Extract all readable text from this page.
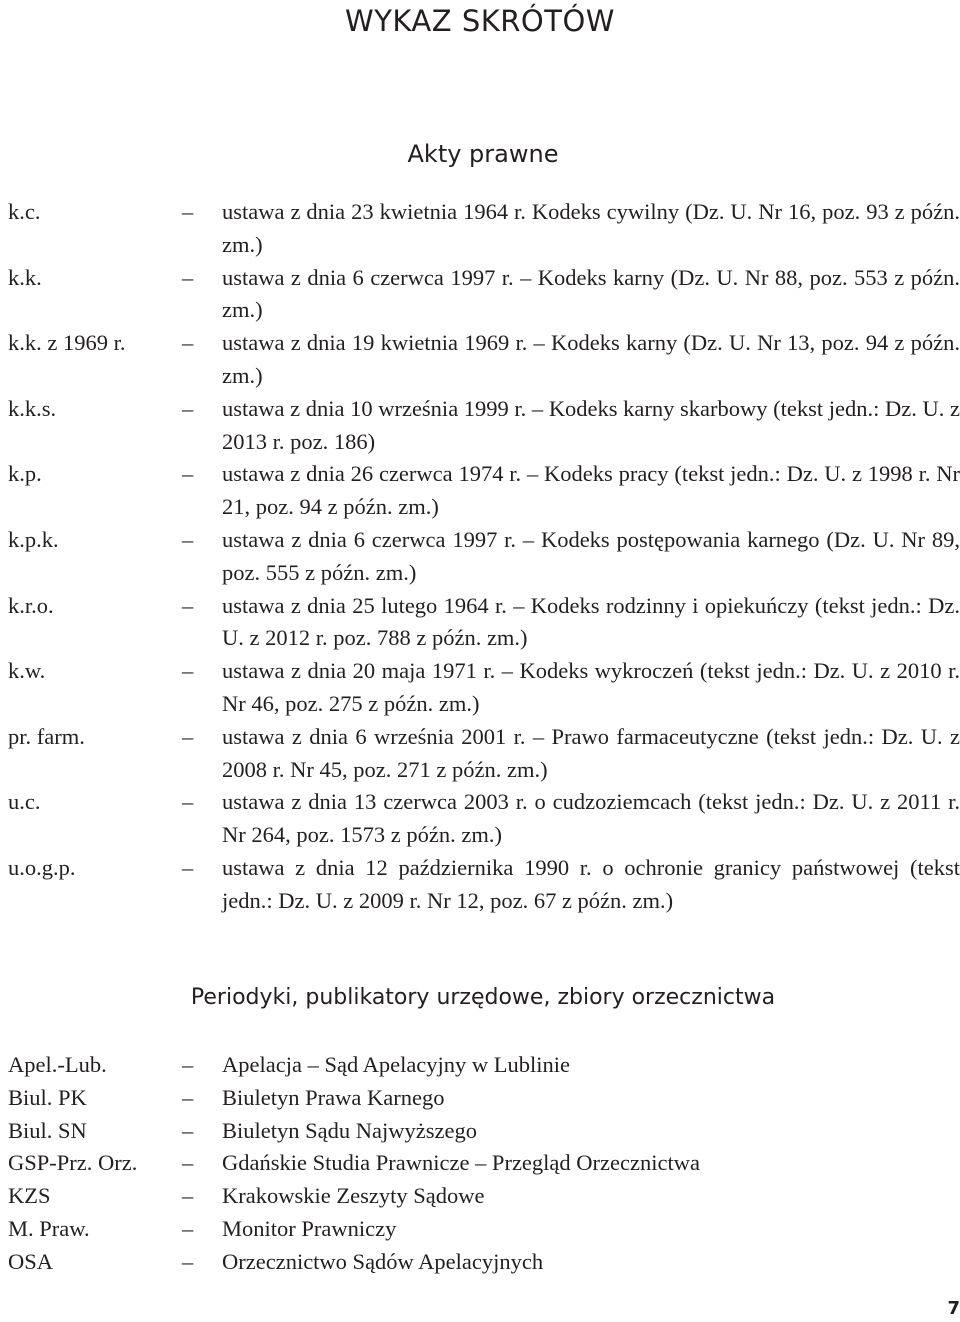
WYKAZ SKRÓTÓW
Akty prawne
k.c.	–	ustawa z dnia 23 kwietnia 1964 r. Kodeks cywilny (Dz. U. Nr 16, poz. 93 z późn. zm.)
k.k.	–	ustawa z dnia 6 czerwca 1997 r. – Kodeks karny (Dz. U. Nr 88, poz. 553 z późn. zm.)
k.k. z 1969 r.	–	ustawa z dnia 19 kwietnia 1969 r. – Kodeks karny (Dz. U. Nr 13, poz. 94 z późn. zm.)
k.k.s.	–	ustawa z dnia 10 września 1999 r. – Kodeks karny skarbowy (tekst jedn.: Dz. U. z 2013 r. poz. 186)
k.p.	–	ustawa z dnia 26 czerwca 1974 r. – Kodeks pracy (tekst jedn.: Dz. U. z 1998 r. Nr 21, poz. 94 z późn. zm.)
k.p.k.	–	ustawa z dnia 6 czerwca 1997 r. – Kodeks postępowania karnego (Dz. U. Nr 89, poz. 555 z późn. zm.)
k.r.o.	–	ustawa z dnia 25 lutego 1964 r. – Kodeks rodzinny i opiekuńczy (tekst jedn.: Dz. U. z 2012 r. poz. 788 z późn. zm.)
k.w.	–	ustawa z dnia 20 maja 1971 r. – Kodeks wykroczeń (tekst jedn.: Dz. U. z 2010 r. Nr 46, poz. 275 z późn. zm.)
pr. farm.	–	ustawa z dnia 6 września 2001 r. – Prawo farmaceutyczne (tekst jedn.: Dz. U. z 2008 r. Nr 45, poz. 271 z późn. zm.)
u.c.	–	ustawa z dnia 13 czerwca 2003 r. o cudzoziemcach (tekst jedn.: Dz. U. z 2011 r. Nr 264, poz. 1573 z późn. zm.)
u.o.g.p.	–	ustawa z dnia 12 października 1990 r. o ochronie granicy państwowej (tekst jedn.: Dz. U. z 2009 r. Nr 12, poz. 67 z późn. zm.)
Periodyki, publikatory urzędowe, zbiory orzecznictwa
Apel.-Lub.	–	Apelacja – Sąd Apelacyjny w Lublinie
Biul. PK	–	Biuletyn Prawa Karnego
Biul. SN	–	Biuletyn Sądu Najwyższego
GSP-Prz. Orz.	–	Gdańskie Studia Prawnicze – Przegląd Orzecznictwa
KZS	–	Krakowskie Zeszyty Sądowe
M. Praw.	–	Monitor Prawniczy
OSA	–	Orzecznictwo Sądów Apelacyjnych
7
